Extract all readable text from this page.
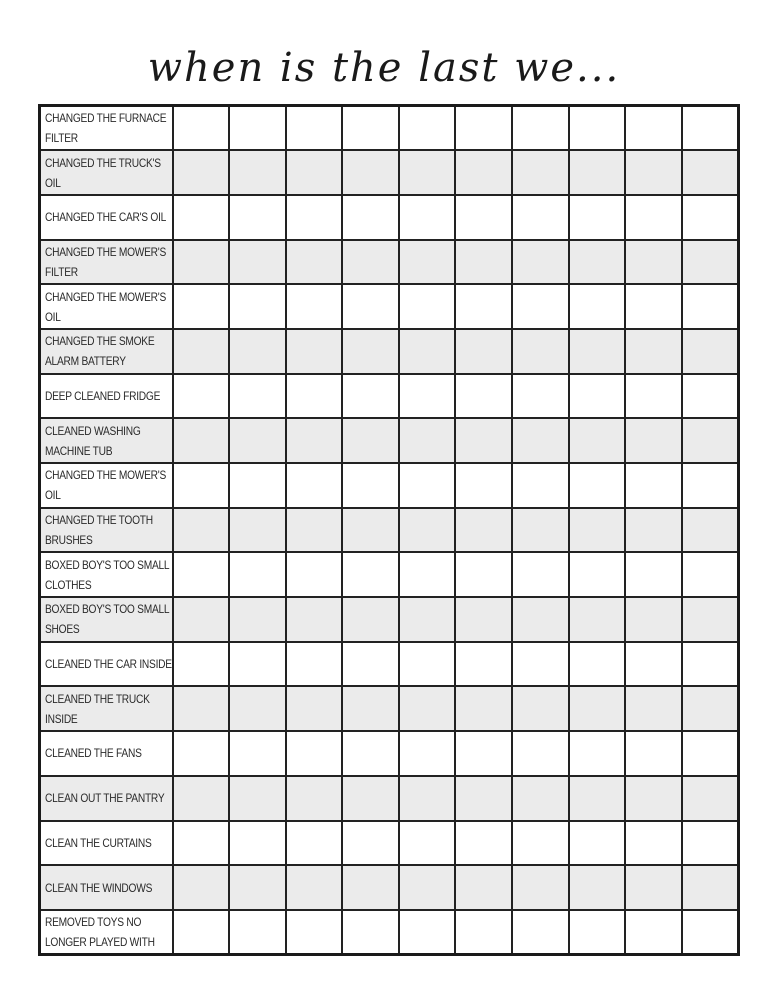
when is the last we...
CHANGED THE FURNACE FILTER										
CHANGED THE TRUCK'S OIL										
CHANGED THE CAR'S OIL										
CHANGED THE MOWER'S FILTER										
CHANGED THE MOWER'S OIL										
CHANGED THE SMOKE ALARM BATTERY										
DEEP CLEANED FRIDGE										
CLEANED WASHING MACHINE TUB										
CHANGED THE MOWER'S OIL										
CHANGED THE TOOTH BRUSHES										
BOXED BOY'S TOO SMALL CLOTHES										
BOXED BOY'S TOO SMALL SHOES										
CLEANED THE CAR INSIDE										
CLEANED THE TRUCK INSIDE										
CLEANED THE FANS										
CLEAN OUT THE PANTRY										
CLEAN THE CURTAINS										
CLEAN THE WINDOWS										
REMOVED TOYS NO LONGER PLAYED WITH										
